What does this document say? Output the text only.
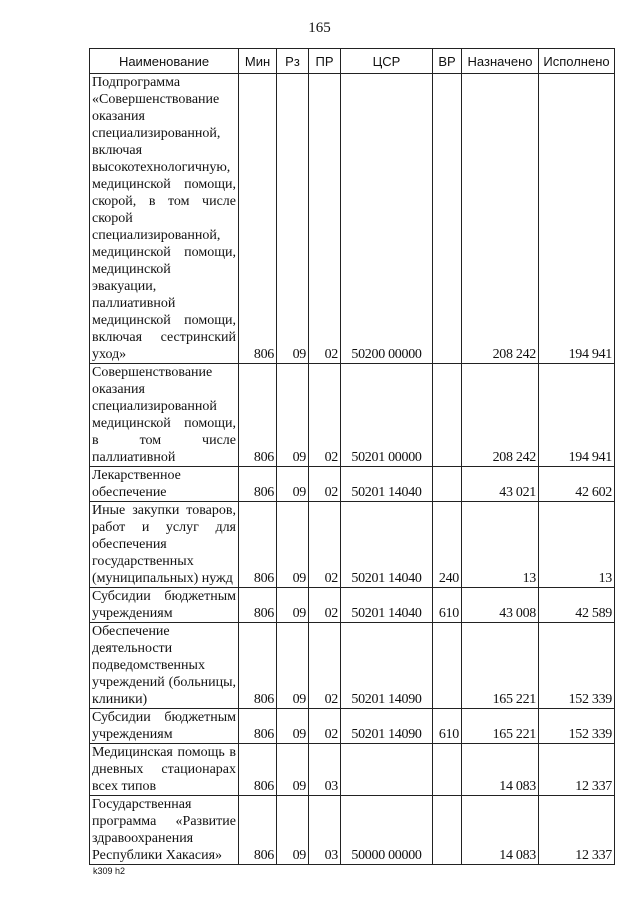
165
Наименование	Мин	Рз	ПР	ЦСР	ВР	Назначено	Исполнено
Подпрограмма «Совершенствование оказания специализированной, включая высокотехнологичную, медицинской помощи, скорой, в том числе скорой специализированной, медицинской помощи, медицинской эвакуации, паллиативной медицинской помощи, включая сестринский уход»	806	09	02	50200 00000		208 242	194 941
Совершенствование оказания специализированной медицинской помощи, в том числе паллиативной	806	09	02	50201 00000		208 242	194 941
Лекарственное обеспечение	806	09	02	50201 14040		43 021	42 602
Иные закупки товаров, работ и услуг для обеспечения государственных (муниципальных) нужд	806	09	02	50201 14040	240	13	13
Субсидии бюджетным учреждениям	806	09	02	50201 14040	610	43 008	42 589
Обеспечение деятельности подведомственных учреждений (больницы, клиники)	806	09	02	50201 14090		165 221	152 339
Субсидии бюджетным учреждениям	806	09	02	50201 14090	610	165 221	152 339
Медицинская помощь в дневных стационарах всех типов	806	09	03			14 083	12 337
Государственная программа «Развитие здравоохранения Республики Хакасия»	806	09	03	50000 00000		14 083	12 337
k309 h2
